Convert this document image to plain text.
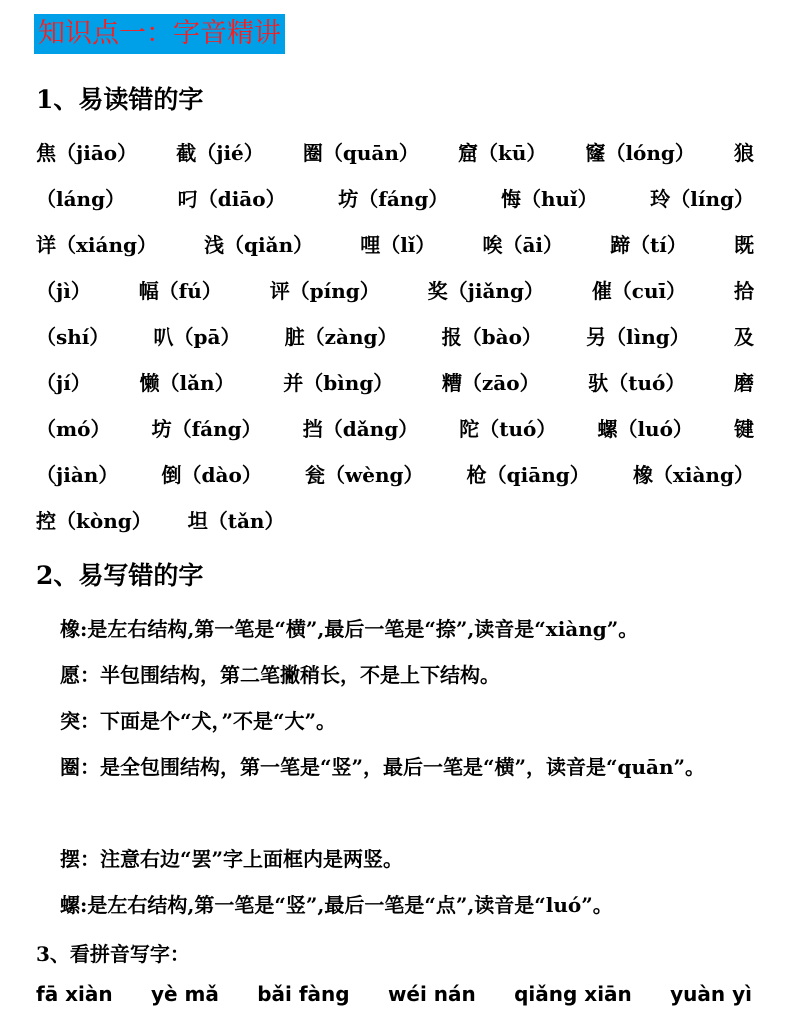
知识点一：字音精讲
1、易读错的字
焦（jiāo） 截（jié） 圈（quān） 窟（kū） 窿（lóng） 狼
（láng）	叼（diāo）	坊（fáng）	悔（huǐ）	玲（líng）
详（xiáng） 浅（qiǎn） 哩（lǐ） 唉（āi） 蹄（tí） 既
（jì） 幅（fú） 评（píng） 奖（jiǎng） 催（cuī） 拾
（shí） 叭（pā） 脏（zàng） 报（bào） 另（lìng） 及
（jí） 懒（lǎn） 并（bìng） 糟（zāo） 驮（tuó） 磨
（mó） 坊（fáng） 挡（dǎng） 陀（tuó） 螺（luó） 键
（jiàn） 倒（dào） 瓮（wèng） 枪（qiāng） 橡（xiàng）
控（kòng） 坦（tǎn）
2、易写错的字
橡:是左右结构,第一笔是“横”,最后一笔是“捺”,读音是“xiàng”。
愿：半包围结构，第二笔撇稍长，不是上下结构。
突：下面是个“犬，”不是“大”。
圈：是全包围结构，第一笔是“竖”，最后一笔是“横”，读音是“quān”。
摆：注意右边“罢”字上面框内是两竖。
螺:是左右结构,第一笔是“竖”,最后一笔是“点”,读音是“luó”。
3、看拼音写字：
fā xiàn yè mǎ bǎi fàng wéi nán qiǎng xiān yuàn yì
